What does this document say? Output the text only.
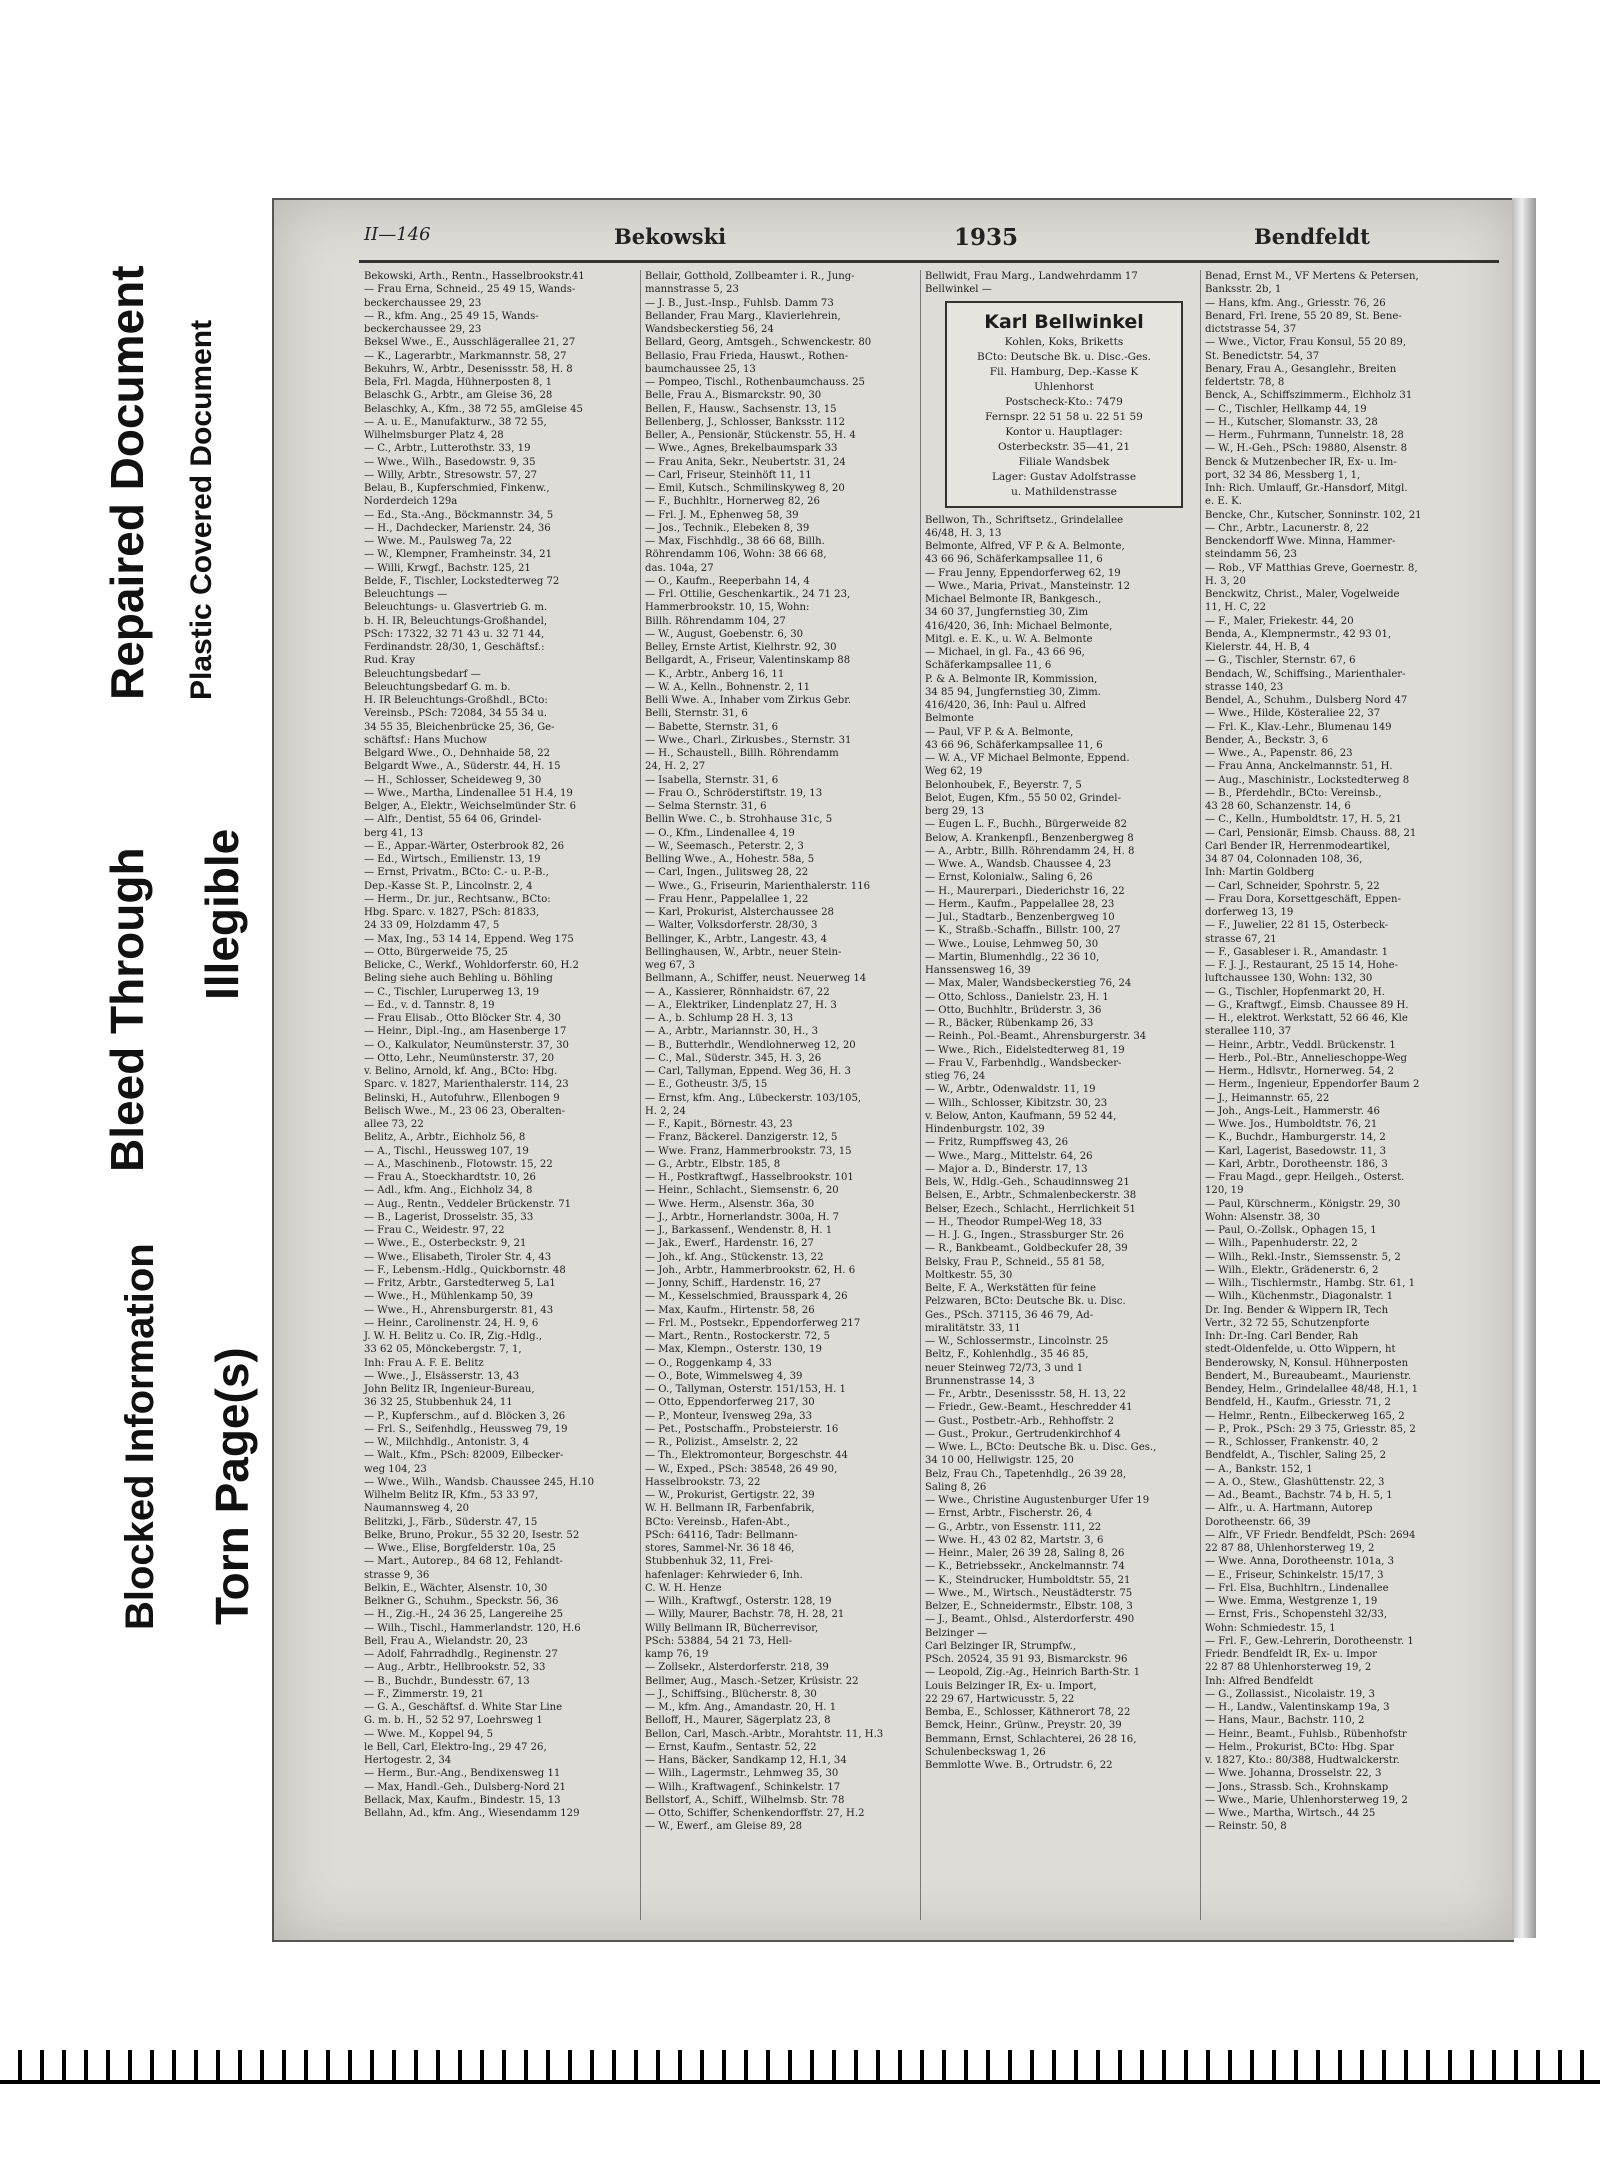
Bleed Through
Repaired Document Plastic Covered Document
Illegible
Blocked Information Torn Page(s)
II—146	Bekowski	1935	Bendfeldt
Bekowski, Arth., Rentn., Hasselbrookstr.41
— Frau Erna, Schneid., 25 49 15, Wands-
beckerchaussee 29, 23
— R., kfm. Ang., 25 49 15, Wands-
beckerchaussee 29, 23
Beksel Wwe., E., Ausschlägerallee 21, 27
— K., Lagerarbtr., Markmannstr. 58, 27
Bekuhrs, W., Arbtr., Desenissstr. 58, H. 8
Bela, Frl. Magda, Hühnerposten 8, 1
Belaschk G., Arbtr., am Gleise 36, 28
Belaschky, A., Kfm., 38 72 55, amGleise 45
— A. u. E., Manufakturw., 38 72 55,
Wilhelmsburger Platz 4, 28
— C., Arbtr., Lutterothstr. 33, 19
— Wwe., Wilh., Basedowstr. 9, 35
— Willy, Arbtr., Stresowstr. 57, 27
Belau, B., Kupferschmied, Finkenw.,
Norderdeich 129a
— Ed., Sta.-Ang., Böckmannstr. 34, 5
— H., Dachdecker, Marienstr. 24, 36
— Wwe. M., Paulsweg 7a, 22
— W., Klempner, Framheinstr. 34, 21
— Willi, Krwgf., Bachstr. 125, 21
Belde, F., Tischler, Lockstedterweg 72
Beleuchtungs —
Beleuchtungs- u. Glasvertrieb G. m.
b. H. IR, Beleuchtungs-Großhandel,
PSch: 17322, 32 71 43 u. 32 71 44,
Ferdinandstr. 28/30, 1, Geschäftsf.:
Rud. Kray
Beleuchtungsbedarf —
Beleuchtungsbedarf G. m. b.
H. IR Beleuchtungs-Großhdl., BCto:
Vereinsb., PSch: 72084, 34 55 34 u.
34 55 35, Bleichenbrücke 25, 36, Ge-
schäftsf.: Hans Muchow
Belgard Wwe., O., Dehnhaide 58, 22
Belgardt Wwe., A., Süderstr. 44, H. 15
— H., Schlosser, Scheideweg 9, 30
— Wwe., Martha, Lindenallee 51 H.4, 19
Belger, A., Elektr., Weichselmünder Str. 6
— Alfr., Dentist, 55 64 06, Grindel-
berg 41, 13
— E., Appar.-Wärter, Osterbrook 82, 26
— Ed., Wirtsch., Emilienstr. 13, 19
— Ernst, Privatm., BCto: C.- u. P.-B.,
Dep.-Kasse St. P., Lincolnstr. 2, 4
— Herm., Dr. jur., Rechtsanw., BCto:
Hbg. Sparc. v. 1827, PSch: 81833,
24 33 09, Holzdamm 47, 5
— Max, Ing., 53 14 14, Eppend. Weg 175
— Otto, Bürgerweide 75, 25
Belicke, C., Werkf., Wohldorferstr. 60, H.2
Beling siehe auch Behling u. Böhling
— C., Tischler, Luruperweg 13, 19
— Ed., v. d. Tannstr. 8, 19
— Frau Elisab., Otto Blöcker Str. 4, 30
— Heinr., Dipl.-Ing., am Hasenberge 17
— O., Kalkulator, Neumünsterstr. 37, 30
— Otto, Lehr., Neumünsterstr. 37, 20
v. Belino, Arnold, kf. Ang., BCto: Hbg.
Sparc. v. 1827, Marienthalerstr. 114, 23
Belinski, H., Autofuhrw., Ellenbogen 9
Belisch Wwe., M., 23 06 23, Oberalten-
allee 73, 22
Belitz, A., Arbtr., Eichholz 56, 8
— A., Tischl., Heussweg 107, 19
— A., Maschinenb., Flotowstr. 15, 22
— Frau A., Stoeckhardtstr. 10, 26
— Adl., kfm. Ang., Eichholz 34, 8
— Aug., Rentn., Veddeler Brückenstr. 71
— B., Lagerist, Drosselstr. 35, 33
— Frau C., Weidestr. 97, 22
— Wwe., E., Osterbeckstr. 9, 21
— Wwe., Elisabeth, Tiroler Str. 4, 43
— F., Lebensm.-Hdlg., Quickbornstr. 48
— Fritz, Arbtr., Garstedterweg 5, La1
— Wwe., H., Mühlenkamp 50, 39
— Wwe., H., Ahrensburgerstr. 81, 43
— Heinr., Carolinenstr. 24, H. 9, 6
J. W. H. Belitz u. Co. IR, Zig.-Hdlg.,
33 62 05, Mönckebergstr. 7, 1,
Inh: Frau A. F. E. Belitz
— Wwe., J., Elsässerstr. 13, 43
John Belitz IR, Ingenieur-Bureau,
36 32 25, Stubbenhuk 24, 11
— P., Kupferschm., auf d. Blöcken 3, 26
— Frl. S., Seifenhdlg., Heussweg 79, 19
— W., Milchhdlg., Antonistr. 3, 4
— Walt., Kfm., PSch: 82009, Eilbecker-
weg 104, 23
— Wwe., Wilh., Wandsb. Chaussee 245, H.10
Wilhelm Belitz IR, Kfm., 53 33 97,
Naumannsweg 4, 20
Belitzki, J., Färb., Süderstr. 47, 15
Belke, Bruno, Prokur., 55 32 20, Isestr. 52
— Wwe., Elise, Borgfelderstr. 10a, 25
— Mart., Autorep., 84 68 12, Fehlandt-
strasse 9, 36
Belkin, E., Wächter, Alsenstr. 10, 30
Belkner G., Schuhm., Speckstr. 56, 36
— H., Zig.-H., 24 36 25, Langereihe 25
— Wilh., Tischl., Hammerlandstr. 120, H.6
Bell, Frau A., Wielandstr. 20, 23
— Adolf, Fahrradhdlg., Reginenstr. 27
— Aug., Arbtr., Hellbrookstr. 52, 33
— B., Buchdr., Bundesstr. 67, 13
— F., Zimmerstr. 19, 21
— G. A., Geschäftsf. d. White Star Line
G. m. b. H., 52 52 97, Loehrsweg 1
— Wwe. M., Koppel 94, 5
le Bell, Carl, Elektro-Ing., 29 47 26,
Hertogestr. 2, 34
— Herm., Bur.-Ang., Bendixensweg 11
— Max, Handl.-Geh., Dulsberg-Nord 21
Bellack, Max, Kaufm., Bindestr. 15, 13
Bellahn, Ad., kfm. Ang., Wiesendamm 129
Bellair, Gotthold, Zollbeamter i. R., Jung-
mannstrasse 5, 23
— J. B., Just.-Insp., Fuhlsb. Damm 73
Bellander, Frau Marg., Klavierlehrein,
Wandsbeckerstieg 56, 24
Bellard, Georg, Amtsgeh., Schwenckestr. 80
Bellasio, Frau Frieda, Hauswt., Rothen-
baumchaussee 25, 13
— Pompeo, Tischl., Rothenbaumchauss. 25
Belle, Frau A., Bismarckstr. 90, 30
Bellen, F., Hausw., Sachsenstr. 13, 15
Bellenberg, J., Schlosser, Banksstr. 112
Beller, A., Pensionär, Stückenstr. 55, H. 4
— Wwe., Agnes, Brekelbaumspark 33
— Frau Anita, Sekr., Neubertstr. 31, 24
— Carl, Friseur, Steinhöft 11, 11
— Emil, Kutsch., Schmilinskyweg 8, 20
— F., Buchhltr., Hornerweg 82, 26
— Frl. J. M., Ephenweg 58, 39
— Jos., Technik., Elebeken 8, 39
— Max, Fischhdlg., 38 66 68, Billh.
Röhrendamm 106, Wohn: 38 66 68,
das. 104a, 27
— O., Kaufm., Reeperbahn 14, 4
— Frl. Ottilie, Geschenkartik., 24 71 23,
Hammerbrookstr. 10, 15, Wohn:
Billh. Röhrendamm 104, 27
— W., August, Goebenstr. 6, 30
Belley, Ernste Artist, Kielhrstr. 92, 30
Bellgardt, A., Friseur, Valentinskamp 88
— K., Arbtr., Anberg 16, 11
— W. A., Kelln., Bohnenstr. 2, 11
Belli Wwe. A., Inhaber vom Zirkus Gebr.
Belli, Sternstr. 31, 6
— Babette, Sternstr. 31, 6
— Wwe., Charl., Zirkusbes., Sternstr. 31
— H., Schaustell., Billh. Röhrendamm
24, H. 2, 27
— Isabella, Sternstr. 31, 6
— Frau O., Schröderstiftstr. 19, 13
— Selma Sternstr. 31, 6
Bellin Wwe. C., b. Strohhause 31c, 5
— O., Kfm., Lindenallee 4, 19
— W., Seemasch., Peterstr. 2, 3
Belling Wwe., A., Hohestr. 58a, 5
— Carl, Ingen., Julitsweg 28, 22
— Wwe., G., Friseurin, Marienthalerstr. 116
— Frau Henr., Pappelallee 1, 22
— Karl, Prokurist, Alsterchaussee 28
— Walter, Volksdorferstr. 28/30, 3
Bellinger, K., Arbtr., Langestr. 43, 4
Bellinghausen, W., Arbtr., neuer Stein-
weg 67, 3
Bellmann, A., Schiffer, neust. Neuerweg 14
— A., Kassierer, Rönnhaidstr. 67, 22
— A., Elektriker, Lindenplatz 27, H. 3
— A., b. Schlump 28 H. 3, 13
— A., Arbtr., Mariannstr. 30, H., 3
— B., Butterhdlr., Wendlohnerweg 12, 20
— C., Mal., Süderstr. 345, H. 3, 26
— Carl, Tallyman, Eppend. Weg 36, H. 3
— E., Gotheustr. 3/5, 15
— Ernst, kfm. Ang., Lübeckerstr. 103/105,
H. 2, 24
— F., Kapit., Börnestr. 43, 23
— Franz, Bäckerel. Danzigerstr. 12, 5
— Wwe. Franz, Hammerbrookstr. 73, 15
— G., Arbtr., Elbstr. 185, 8
— H., Postkraftwgf., Hasselbrookstr. 101
— Heinr., Schlacht., Siemsenstr. 6, 20
— Wwe. Herm., Alsenstr. 36a, 30
— J., Arbtr., Hornerlandstr. 300a, H. 7
— J., Barkassenf., Wendenstr. 8, H. 1
— Jak., Ewerf., Hardenstr. 16, 27
— Joh., kf. Ang., Stückenstr. 13, 22
— Joh., Arbtr., Hammerbrookstr. 62, H. 6
— Jonny, Schiff., Hardenstr. 16, 27
— M., Kesselschmied, Brausspark 4, 26
— Max, Kaufm., Hirtenstr. 58, 26
— Frl. M., Postsekr., Eppendorferweg 217
— Mart., Rentn., Rostockerstr. 72, 5
— Max, Klempn., Osterstr. 130, 19
— O., Roggenkamp 4, 33
— O., Bote, Wimmelsweg 4, 39
— O., Tallyman, Osterstr. 151/153, H. 1
— Otto, Eppendorferweg 217, 30
— P., Monteur, Ivensweg 29a, 33
— Pet., Postschaffn., Probsteierstr. 16
— R., Polizist., Amselstr. 2, 22
— Th., Elektromonteur, Borgeschstr. 44
— W., Exped., PSch: 38548, 26 49 90,
Hasselbrookstr. 73, 22
— W., Prokurist, Gertigstr. 22, 39
W. H. Bellmann IR, Farbenfabrik,
BCto: Vereinsb., Hafen-Abt.,
PSch: 64116, Tadr: Bellmann-
stores, Sammel-Nr. 36 18 46,
Stubbenhuk 32, 11, Frei-
hafenlager: Kehrwieder 6, Inh.
C. W. H. Henze
— Wilh., Kraftwgf., Osterstr. 128, 19
— Willy, Maurer, Bachstr. 78, H. 28, 21
Willy Bellmann IR, Bücherrevisor,
PSch: 53884, 54 21 73, Hell-
kamp 76, 19
— Zollsekr., Alsterdorferstr. 218, 39
Bellmer, Aug., Masch.-Setzer, Krüsistr. 22
— J., Schiffsing., Blücherstr. 8, 30
— M., kfm. Ang., Amandastr. 20, H. 1
Belloff, H., Maurer, Sägerplatz 23, 8
Bellon, Carl, Masch.-Arbtr., Morahtstr. 11, H.3
— Ernst, Kaufm., Sentastr. 52, 22
— Hans, Bäcker, Sandkamp 12, H.1, 34
— Wilh., Lagermstr., Lehmweg 35, 30
— Wilh., Kraftwagenf., Schinkelstr. 17
Bellstorf, A., Schiff., Wilhelmsb. Str. 78
— Otto, Schiffer, Schenkendorffstr. 27, H.2
— W., Ewerf., am Gleise 89, 28
Bellwidt, Frau Marg., Landwehrdamm 17
Bellwinkel —
Karl Bellwinkel
Kohlen, Koks, Briketts
BCto: Deutsche Bk. u. Disc.-Ges.
Fil. Hamburg, Dep.-Kasse K
Uhlenhorst
Postscheck-Kto.: 7479
Fernspr. 22 51 58 u. 22 51 59
Kontor u. Hauptlager:
Osterbeckstr. 35—41, 21
Filiale Wandsbek
Lager: Gustav Adolfstrasse
u. Mathildenstrasse
Bellwon, Th., Schriftsetz., Grindelallee
46/48, H. 3, 13
Belmonte, Alfred, VF P. & A. Belmonte,
43 66 96, Schäferkampsallee 11, 6
— Frau Jenny, Eppendorferweg 62, 19
— Wwe., Maria, Privat., Mansteinstr. 12
Michael Belmonte IR, Bankgesch.,
34 60 37, Jungfernstieg 30, Zim
416/420, 36, Inh: Michael Belmonte,
Mitgl. e. E. K., u. W. A. Belmonte
— Michael, in gl. Fa., 43 66 96,
Schäferkampsallee 11, 6
P. & A. Belmonte IR, Kommission,
34 85 94, Jungfernstieg 30, Zimm.
416/420, 36, Inh: Paul u. Alfred
Belmonte
— Paul, VF P. & A. Belmonte,
43 66 96, Schäferkampsallee 11, 6
— W. A., VF Michael Belmonte, Eppend.
Weg 62, 19
Belonhoubek, F., Beyerstr. 7, 5
Belot, Eugen, Kfm., 55 50 02, Grindel-
berg 29, 13
— Eugen L. F., Buchh., Bürgerweide 82
Below, A. Krankenpfl., Benzenbergweg 8
— A., Arbtr., Billh. Röhrendamm 24, H. 8
— Wwe. A., Wandsb. Chaussee 4, 23
— Ernst, Kolonialw., Saling 6, 26
— H., Maurerpari., Diederichstr 16, 22
— Herm., Kaufm., Pappelallee 28, 23
— Jul., Stadtarb., Benzenbergweg 10
— K., Straßb.-Schaffn., Billstr. 100, 27
— Wwe., Louise, Lehmweg 50, 30
— Martin, Blumenhdlg., 22 36 10,
Hanssensweg 16, 39
— Max, Maler, Wandsbeckerstieg 76, 24
— Otto, Schloss., Danielstr. 23, H. 1
— Otto, Buchhltr., Brüderstr. 3, 36
— R., Bäcker, Rübenkamp 26, 33
— Reinh., Pol.-Beamt., Ahrensburgerstr. 34
— Wwe., Rich., Eidelstedterweg 81, 19
— Frau V., Farbenhdlg., Wandsbecker-
stieg 76, 24
— W., Arbtr., Odenwaldstr. 11, 19
— Wilh., Schlosser, Kibitzstr. 30, 23
v. Below, Anton, Kaufmann, 59 52 44,
Hindenburgstr. 102, 39
— Fritz, Rumpffsweg 43, 26
— Wwe., Marg., Mittelstr. 64, 26
— Major a. D., Binderstr. 17, 13
Bels, W., Hdlg.-Geh., Schaudinnsweg 21
Belsen, E., Arbtr., Schmalenbeckerstr. 38
Belser, Ezech., Schlacht., Herrlichkeit 51
— H., Theodor Rumpel-Weg 18, 33
— H. J. G., Ingen., Strassburger Str. 26
— R., Bankbeamt., Goldbeckufer 28, 39
Belsky, Frau P., Schneid., 55 81 58,
Moltkestr. 55, 30
Belte, F. A., Werkstätten für feine
Pelzwaren, BCto: Deutsche Bk. u. Disc.
Ges., PSch. 37115, 36 46 79, Ad-
miralitätstr. 33, 11
— W., Schlossermstr., Lincolnstr. 25
Beltz, F., Kohlenhdlg., 35 46 85,
neuer Steinweg 72/73, 3 und 1
Brunnenstrasse 14, 3
— Fr., Arbtr., Desenissstr. 58, H. 13, 22
— Friedr., Gew.-Beamt., Heschredder 41
— Gust., Postbetr.-Arb., Rehhoffstr. 2
— Gust., Prokur., Gertrudenkirchhof 4
— Wwe. L., BCto: Deutsche Bk. u. Disc. Ges.,
34 10 00, Hellwigstr. 125, 20
Belz, Frau Ch., Tapetenhdlg., 26 39 28,
Saling 8, 26
— Wwe., Christine Augustenburger Ufer 19
— Ernst, Arbtr., Fischerstr. 26, 4
— G., Arbtr., von Essenstr. 111, 22
— Wwe. H., 43 02 82, Martstr. 3, 6
— Heinr., Maler, 26 39 28, Saling 8, 26
— K., Betriebssekr., Anckelmannstr. 74
— K., Steindrucker, Humboldtstr. 55, 21
— Wwe., M., Wirtsch., Neustädterstr. 75
Belzer, E., Schneidermstr., Elbstr. 108, 3
— J., Beamt., Ohlsd., Alsterdorferstr. 490
Belzinger —
Carl Belzinger IR, Strumpfw.,
PSch. 20524, 35 91 93, Bismarckstr. 96
— Leopold, Zig.-Ag., Heinrich Barth-Str. 1
Louis Belzinger IR, Ex- u. Import,
22 29 67, Hartwicusstr. 5, 22
Bemba, E., Schlosser, Käthnerort 78, 22
Bemck, Heinr., Grünw., Preystr. 20, 39
Bemmann, Ernst, Schlachterei, 26 28 16,
Schulenbeckswag 1, 26
Bemmlotte Wwe. B., Ortrudstr. 6, 22
Benad, Ernst M., VF Mertens & Petersen,
Banksstr. 2b, 1
— Hans, kfm. Ang., Griesstr. 76, 26
Benard, Frl. Irene, 55 20 89, St. Bene-
dictstrasse 54, 37
— Wwe., Victor, Frau Konsul, 55 20 89,
St. Benedictstr. 54, 37
Benary, Frau A., Gesanglehr., Breiten
feldertstr. 78, 8
Benck, A., Schiffszimmerm., Elchholz 31
— C., Tischler, Hellkamp 44, 19
— H., Kutscher, Slomanstr. 33, 28
— Herm., Fuhrmann, Tunnelstr. 18, 28
— W., H.-Geh., PSch: 19880, Alsenstr. 8
Benck & Mutzenbecher IR, Ex- u. Im-
port, 32 34 86, Messberg 1, 1,
Inh: Rich. Umlauff, Gr.-Hansdorf, Mitgl.
e. E. K.
Bencke, Chr., Kutscher, Sonninstr. 102, 21
— Chr., Arbtr., Lacunerstr. 8, 22
Benckendorff Wwe. Minna, Hammer-
steindamm 56, 23
— Rob., VF Matthias Greve, Goernestr. 8,
H. 3, 20
Benckwitz, Christ., Maler, Vogelweide
11, H. C, 22
— F., Maler, Friekestr. 44, 20
Benda, A., Klempnermstr., 42 93 01,
Kielerstr. 44, H. B, 4
— G., Tischler, Sternstr. 67, 6
Bendach, W., Schiffsing., Marienthaler-
strasse 140, 23
Bendel, A., Schuhm., Dulsberg Nord 47
— Wwe., Hilde, Kösteraliee 22, 37
— Frl. K., Klav.-Lehr., Blumenau 149
Bender, A., Beckstr. 3, 6
— Wwe., A., Papenstr. 86, 23
— Frau Anna, Anckelmannstr. 51, H.
— Aug., Maschinistr., Lockstedterweg 8
— B., Pferdehdlr., BCto: Vereinsb.,
43 28 60, Schanzenstr. 14, 6
— C., Kelln., Humboldtstr. 17, H. 5, 21
— Carl, Pensionär, Eimsb. Chauss. 88, 21
Carl Bender IR, Herrenmodeartikel,
34 87 04, Colonnaden 108, 36,
Inh: Martin Goldberg
— Carl, Schneider, Spohrstr. 5, 22
— Frau Dora, Korsettgeschäft, Eppen-
dorferweg 13, 19
— F., Juwelier, 22 81 15, Osterbeck-
strasse 67, 21
— F., Gasableser i. R., Amandastr. 1
— F. J. J., Restaurant, 25 15 14, Hohe-
luftchaussee 130, Wohn: 132, 30
— G., Tischler, Hopfenmarkt 20, H.
— G., Kraftwgf., Eimsb. Chaussee 89 H.
— H., elektrot. Werkstatt, 52 66 46, Kle
sterallee 110, 37
— Heinr., Arbtr., Veddl. Brückenstr. 1
— Herb., Pol.-Btr., Annelieschoppe-Weg
— Herm., Hdlsvtr., Hornerweg. 54, 2
— Herm., Ingenieur, Eppendorfer Baum 2
— J., Heimannstr. 65, 22
— Joh., Angs-Leit., Hammerstr. 46
— Wwe. Jos., Humboldtstr. 76, 21
— K., Buchdr., Hamburgerstr. 14, 2
— Karl, Lagerist, Basedowstr. 11, 3
— Karl, Arbtr., Dorotheenstr. 186, 3
— Frau Magd., gepr. Heilgeh., Osterst.
120, 19
— Paul, Kürschnerm., Königstr. 29, 30
Wohn: Alsenstr. 38, 30
— Paul, O.-Zollsk., Ophagen 15, 1
— Wilh., Papenhuderstr. 22, 2
— Wilh., Rekl.-Instr., Siemssenstr. 5, 2
— Wilh., Elektr., Grädenerstr. 6, 2
— Wilh., Tischlermstr., Hambg. Str. 61, 1
— Wilh., Küchenmstr., Diagonalstr. 1
Dr. Ing. Bender & Wippern IR, Tech
Vertr., 32 72 55, Schutzenpforte
Inh: Dr.-Ing. Carl Bender, Rah
stedt-Oldenfelde, u. Otto Wippern, ht
Benderowsky, N, Konsul. Hühnerposten
Bendert, M., Bureaubeamt., Maurienstr.
Bendey, Helm., Grindelallee 48/48, H.1, 1
Bendfeld, H., Kaufm., Griesstr. 71, 2
— Helmr., Rentn., Eilbeckerweg 165, 2
— P., Prok., PSch: 29 3 75, Griesstr. 85, 2
— R., Schlosser, Frankenstr. 40, 2
Bendfeldt, A., Tischler, Saling 25, 2
— A., Bankstr. 152, 1
— A. O., Stew., Glashüttenstr. 22, 3
— Ad., Beamt., Bachstr. 74 b, H. 5, 1
— Alfr., u. A. Hartmann, Autorep
Dorotheenstr. 66, 39
— Alfr., VF Friedr. Bendfeldt, PSch: 2694
22 87 88, Uhlenhorsterweg 19, 2
— Wwe. Anna, Dorotheenstr. 101a, 3
— E., Friseur, Schinkelstr. 15/17, 3
— Frl. Elsa, Buchhltrn., Lindenallee
— Wwe. Emma, Westgrenze 1, 19
— Ernst, Fris., Schopenstehl 32/33,
Wohn: Schmiedestr. 15, 1
— Frl. F., Gew.-Lehrerin, Dorotheenstr. 1
Friedr. Bendfeldt IR, Ex- u. Impor
22 87 88 Uhlenhorsterweg 19, 2
Inh: Alfred Bendfeldt
— G., Zollassist., Nicolaistr. 19, 3
— H., Landw., Valentinskamp 19a, 3
— Hans, Maur., Bachstr. 110, 2
— Heinr., Beamt., Fuhlsb., Rübenhofstr
— Helm., Prokurist, BCto: Hbg. Spar
v. 1827, Kto.: 80/388, Hudtwalckerstr.
— Wwe. Johanna, Drosselstr. 22, 3
— Jons., Strassb. Sch., Krohnskamp
— Wwe., Marie, Uhlenhorsterweg 19, 2
— Wwe., Martha, Wirtsch., 44 25
— Reinstr. 50, 8
